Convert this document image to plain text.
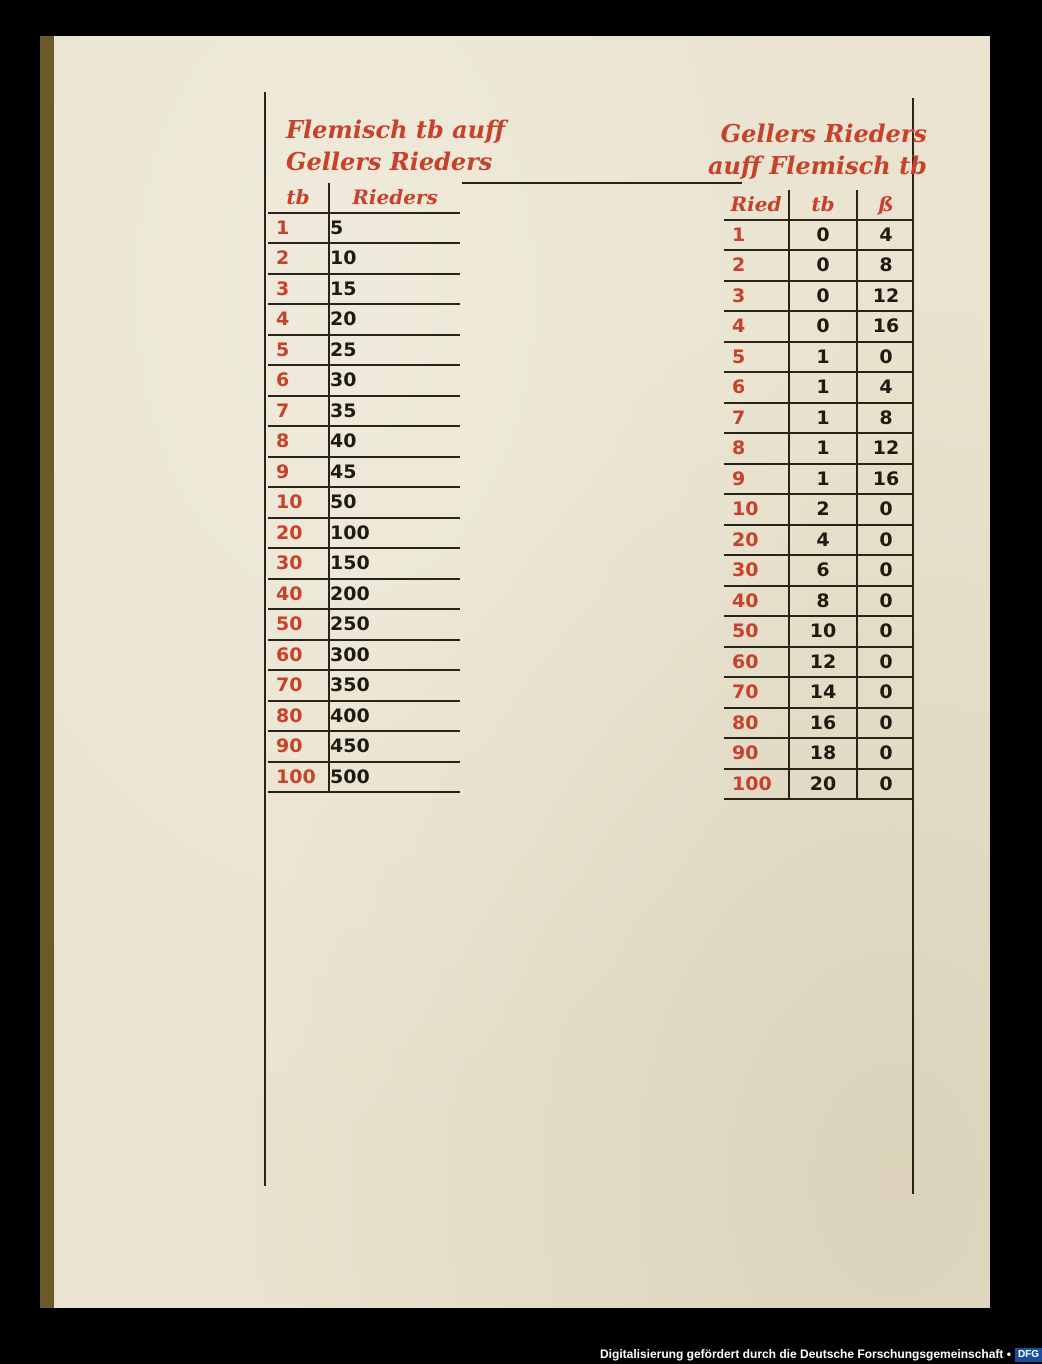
Flemisch tb auff
Gellers Rieders
Gellers Rieders
auff Flemisch tb
tb	Rieders
1	5
2	10
3	15
4	20
5	25
6	30
7	35
8	40
9	45
10	50
20	100
30	150
40	200
50	250
60	300
70	350
80	400
90	450
100	500
Ried	tb	ß
1	0	4
2	0	8
3	0	12
4	0	16
5	1	0
6	1	4
7	1	8
8	1	12
9	1	16
10	2	0
20	4	0
30	6	0
40	8	0
50	10	0
60	12	0
70	14	0
80	16	0
90	18	0
100	20	0
Digitalisierung gefördert durch die Deutsche Forschungsgemeinschaft • DFG
